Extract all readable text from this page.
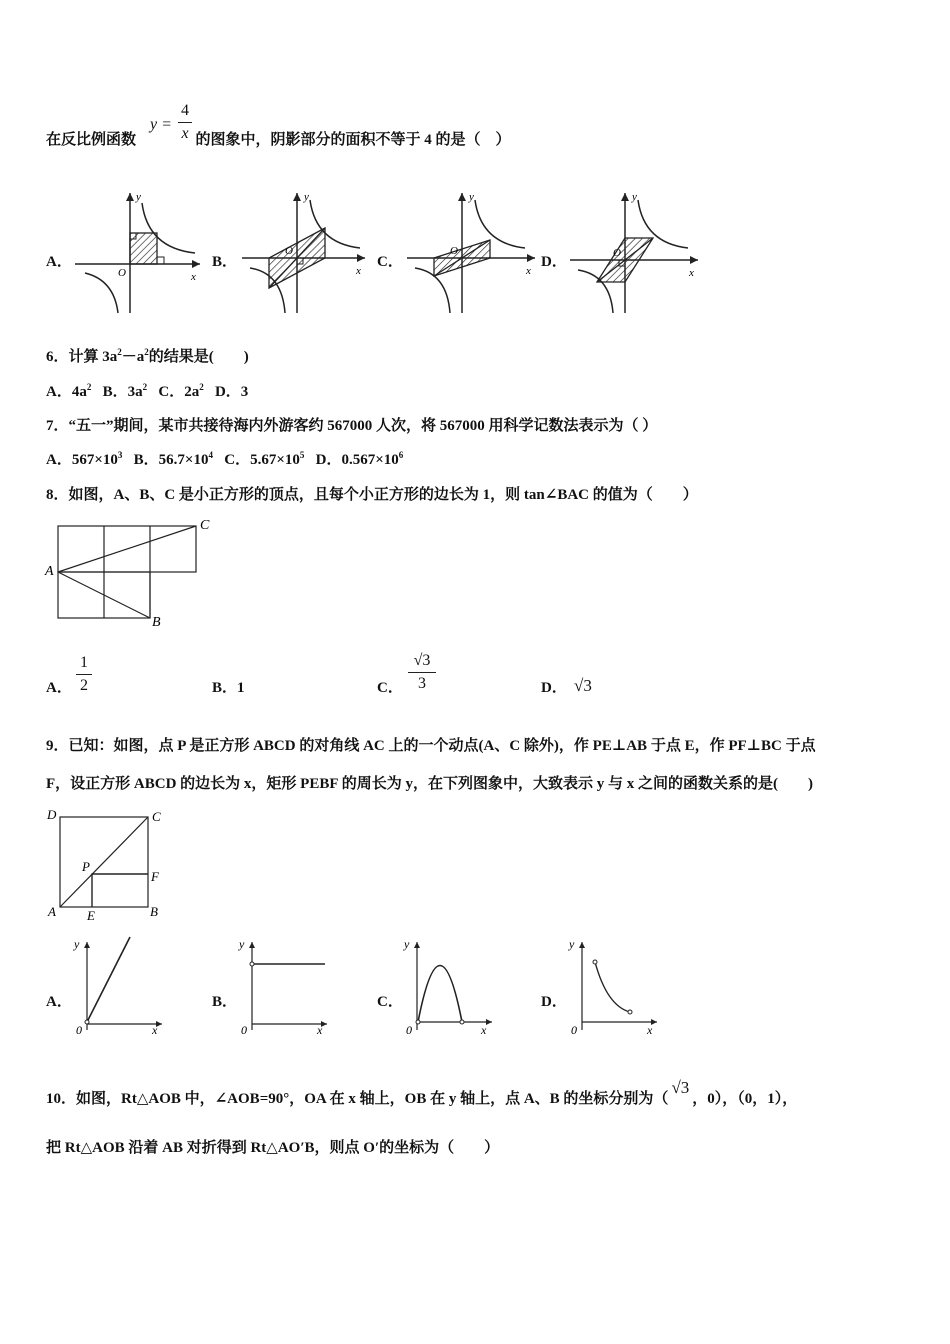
在反比例函数	的图象中，阴影部分的面积不等于 4 的是（　）
y =
4
x
A．	B．	C．	D．
y
O	x
y
O
x
y
O
x
y
O
x
6．计算 $3a^2-a^2$的结果是(　　)
A．$4a^2$ B．$3a^2$ C．$2a^2$ D．3
7．“五一”期间，某市共接待海内外游客约 567000 人次，将 567000 用科学记数法表示为（ ）
A．$567\times 10^3$ B．$56.7\times 10^4$ C．$5.67\times 10^5$ D．$0.567\times 10^6$
8．如图，A、B、C 是小正方形的顶点，且每个小正方形的边长为 1，则 tan∠BAC 的值为（　　）
A
C
B
A．
1
2	B．1	C．
√3
3	D． √3
9．已知：如图，点 P 是正方形 ABCD 的对角线 AC 上的一个动点(A、C 除外)，作 PE⊥AB 于点 E，作 PF⊥BC 于点
F，设正方形 ABCD 的边长为 x，矩形 PEBF 的周长为 y，在下列图象中，大致表示 y 与 x 之间的函数关系的是(　　)
D	C
P
F
A E	B
A．	B．	C．	D．
y
0	x
y
0	x
y
0	x
y
0	x
10．如图，Rt△AOB 中，∠AOB=90°，OA 在 x 轴上，OB 在 y 轴上，点 A、B 的坐标分别为（√3，0），（0，1），
把 Rt△AOB 沿着 AB 对折得到 Rt△AO′B，则点 O′的坐标为（　　）
